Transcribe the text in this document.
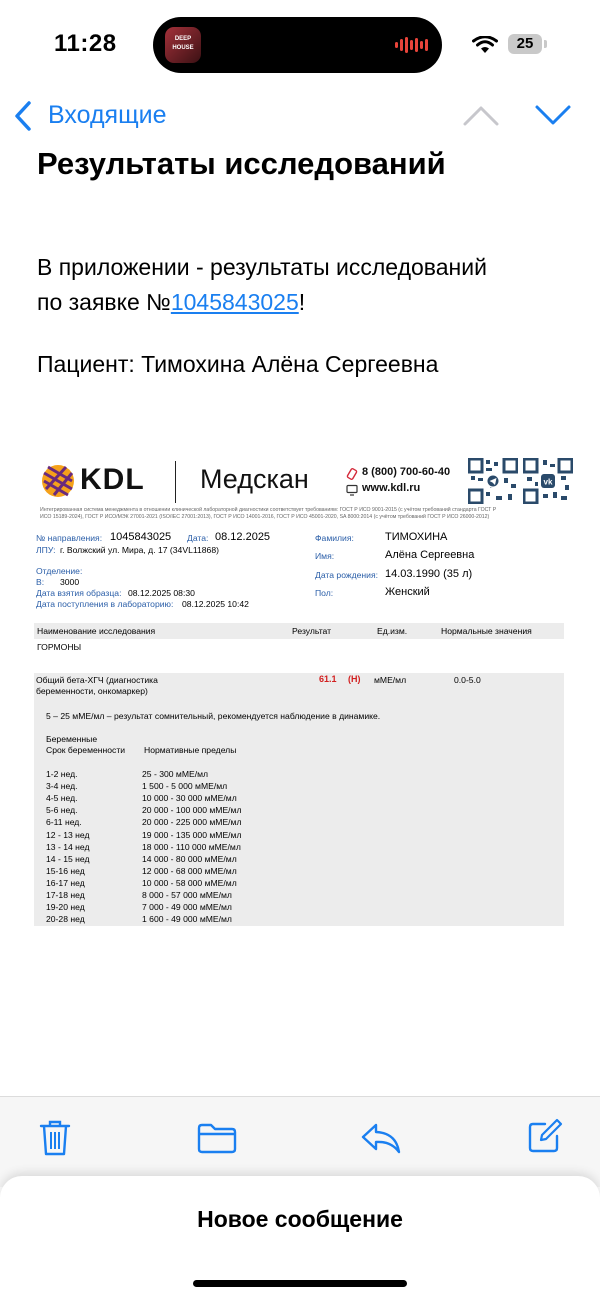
11:28	DEEP
HOUSE	25
Входящие
Результаты исследований
В приложении - результаты исследований
по заявке №1045843025!
Пациент: Тимохина Алёна Сергеевна
KDL Медскан	8 (800) 700-60-40
www.kdl.ru	vk
Интегрированная система менеджмента в отношении клинической лабораторной диагностики соответствует требованиям: ГОСТ Р ИСО 9001-2015 (с учётом требований стандарта ГОСТ Р
ИСО 15189-2024), ГОСТ Р ИСО/МЭК 27001-2021 (ISO/IEC 27001:2013), ГОСТ Р ИСО 14001-2016, ГОСТ Р ИСО 45001-2020, SA 8000:2014 (с учётом требований ГОСТ Р ИСО 26000-2012)
№ направления: 1045843025 Дата: 08.12.2025
ЛПУ: г. Волжский ул. Мира, д. 17 (34VL11868)
Отделение:
В: 3000
Дата взятия образца: 08.12.2025 08:30
Дата поступления в лабораторию: 08.12.2025 10:42
Фамилия:	ТИМОХИНА
Имя:	Алёна Сергеевна
Дата рождения: 14.03.1990 (35 л)
Пол:	Женский
Наименование исследования	Результат	Ед.изм.	Нормальные значения
ГОРМОНЫ
Общий бета-ХГЧ (диагностика
беременности, онкомаркер)
61.1 (Н) мМЕ/мл	0.0-5.0
5 – 25 мМЕ/мл – результат сомнительный, рекомендуется наблюдение в динамике.
Беременные
Срок беременности Нормативные пределы
1-2 нед.	25 - 300 мМЕ/мл
3-4 нед.	1 500 - 5 000 мМЕ/мл
4-5 нед.	10 000 - 30 000 мМЕ/мл
5-6 нед.	20 000 - 100 000 мМЕ/мл
6-11 нед.	20 000 - 225 000 мМЕ/мл
12 - 13 нед	19 000 - 135 000 мМЕ/мл
13 - 14 нед	18 000 - 110 000 мМЕ/мл
14 - 15 нед	14 000 - 80 000 мМЕ/мл
15-16 нед	12 000 - 68 000 мМЕ/мл
16-17 нед	10 000 - 58 000 мМЕ/мл
17-18 нед	8 000 - 57 000 мМЕ/мл
19-20 нед	7 000 - 49 000 мМЕ/мл
20-28 нед	1 600 - 49 000 мМЕ/мл
Новое сообщение
